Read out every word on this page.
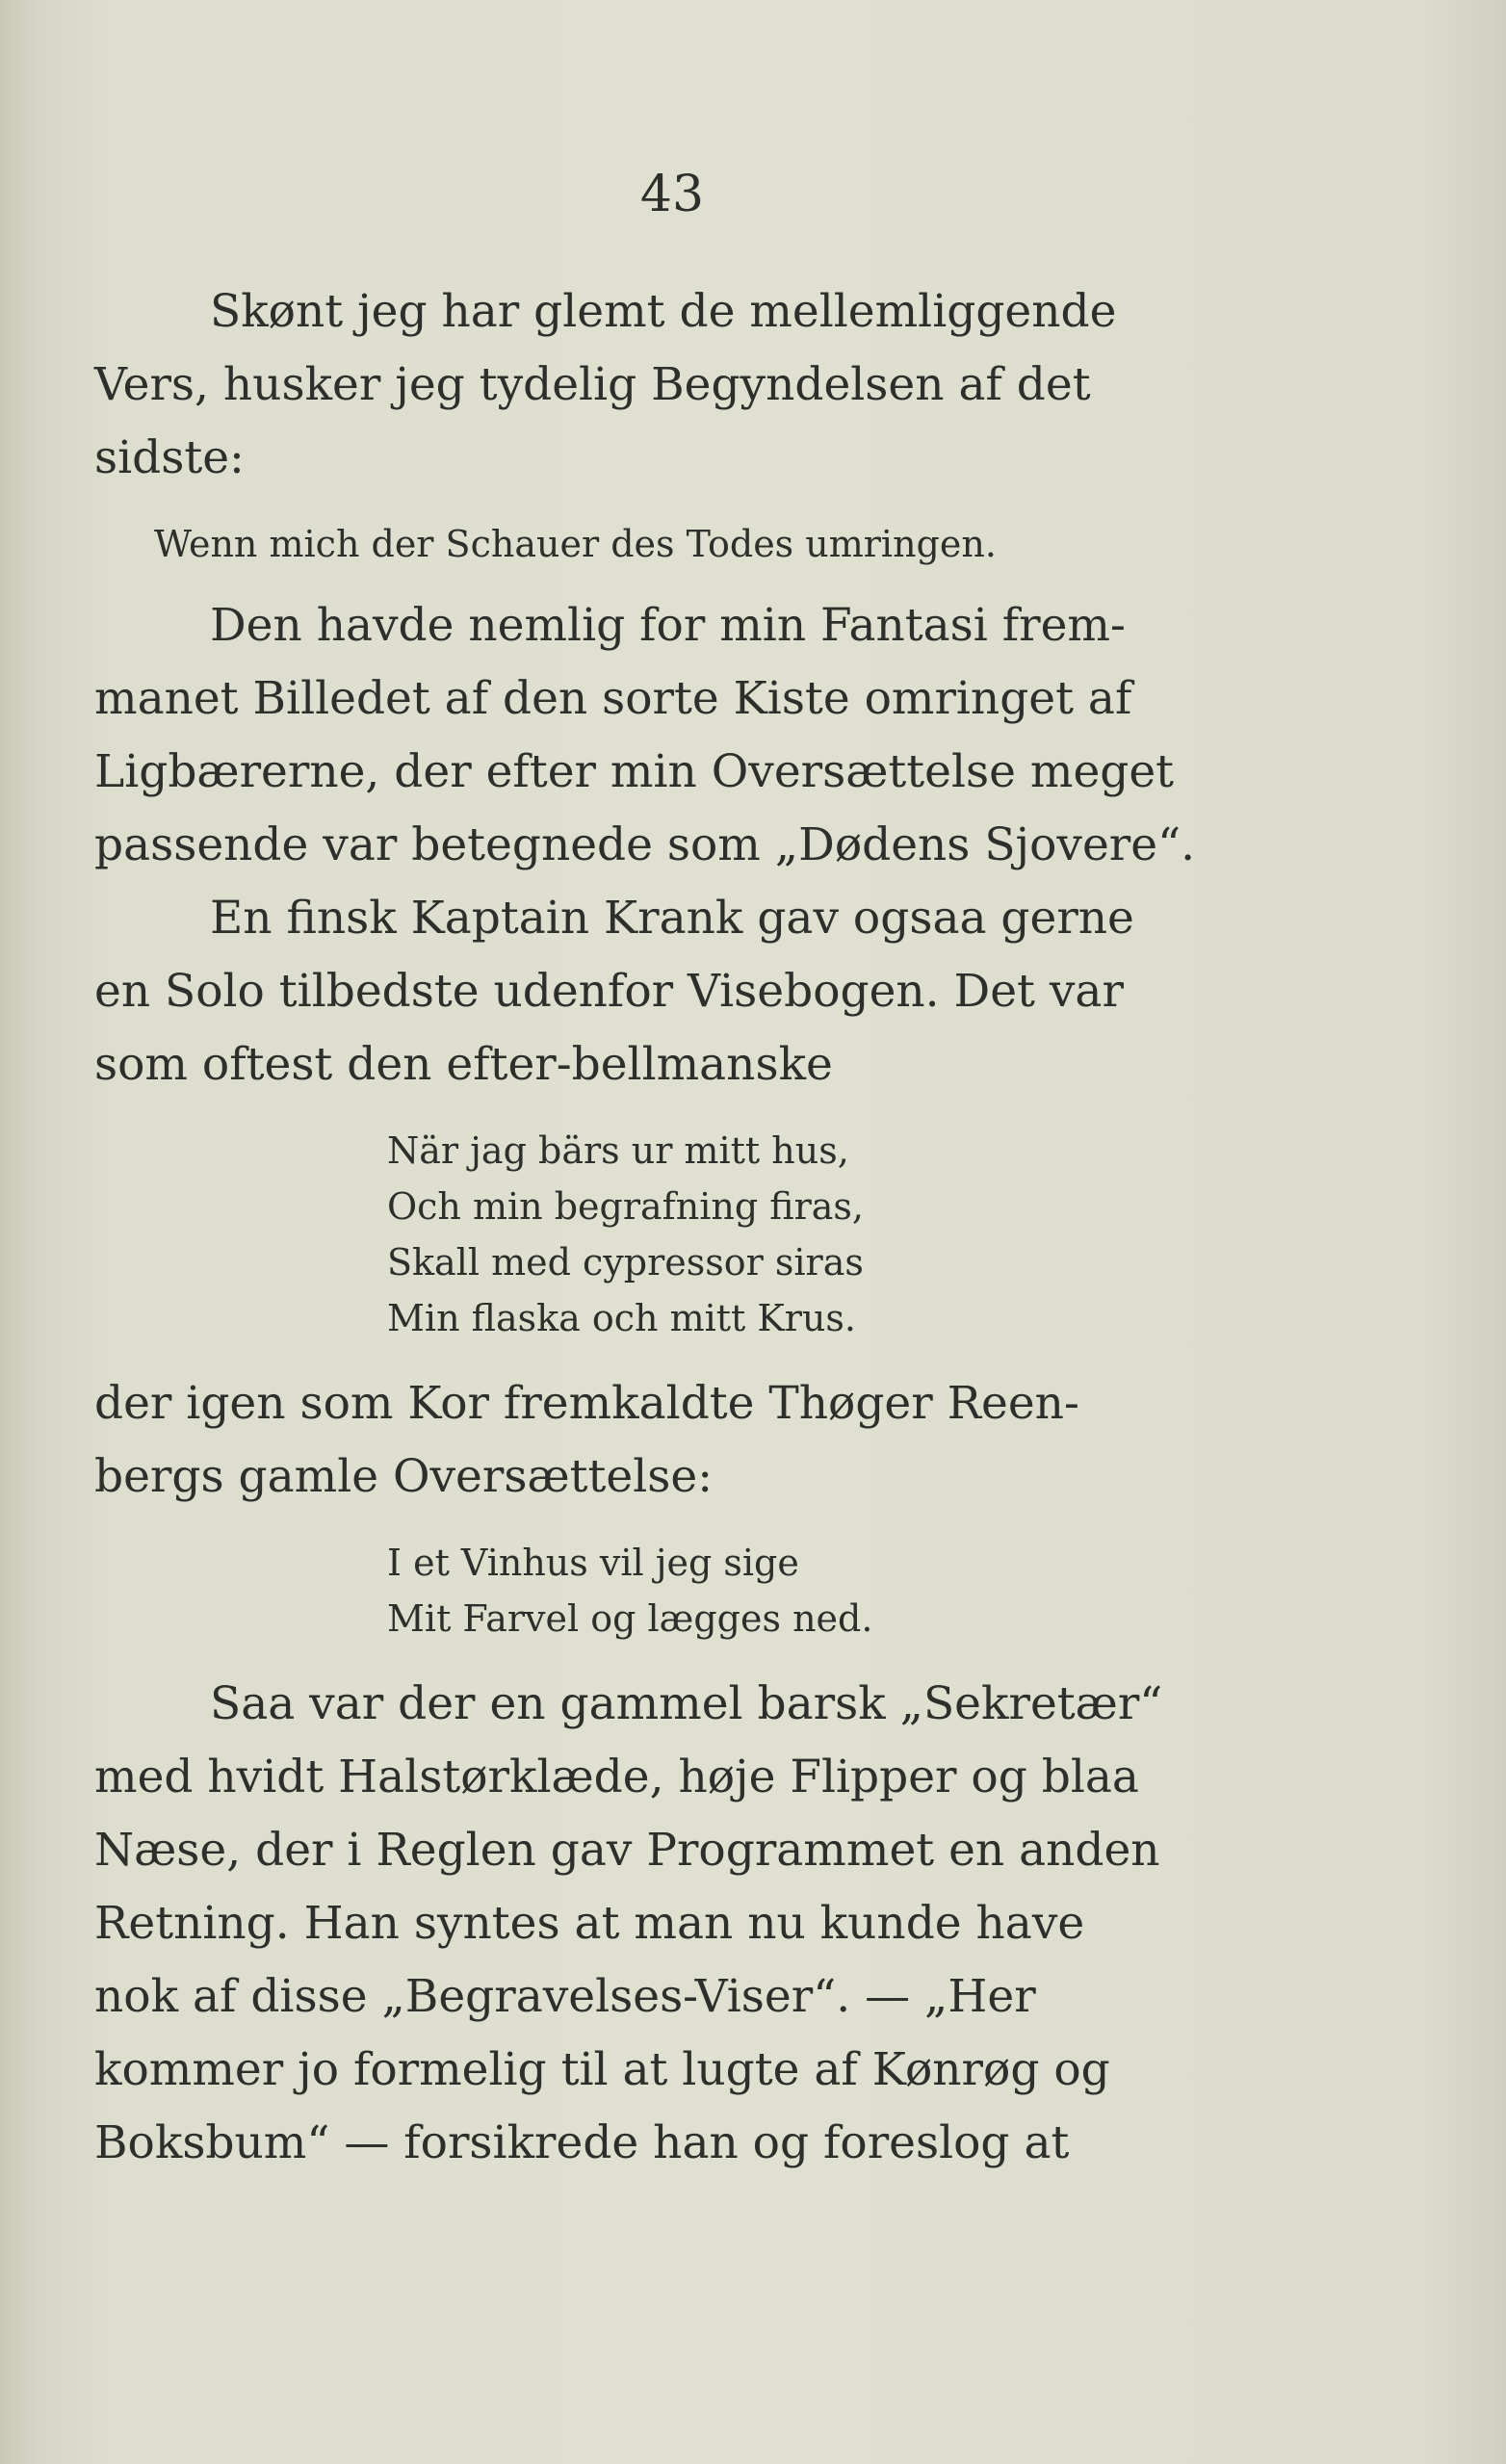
43

Skønt jeg har glemt de mellemliggende

Vers, husker jeg tydelig Begyndelsen af det

sidste:

Wenn mich der Schauer des Todes umringen.

Den havde nemlig for min Fantasi frem-

manet Billedet af den sorte Kiste omringet af

Ligbærerne, der efter min Oversættelse meget

passende var betegnede som „Dødens Sjovere“.

En finsk Kaptain Krank gav ogsaa gerne

en Solo tilbedste udenfor Visebogen. Det var

som oftest den efter-bellmanske

När jag bärs ur mitt hus,

Och min begrafning firas,

Skall med cypressor siras

Min flaska och mitt Krus.

der igen som Kor fremkaldte Thøger Reen-

bergs gamle Oversættelse:

I et Vinhus vil jeg sige

Mit Farvel og lægges ned.

Saa var der en gammel barsk „Sekretær“

med hvidt Halstørklæde, høje Flipper og blaa

Næse, der i Reglen gav Programmet en anden

Retning. Han syntes at man nu kunde have

nok af disse „Begravelses-Viser“. — „Her

kommer jo formelig til at lugte af Kønrøg og

Boksbum“ — forsikrede han og foreslog at
